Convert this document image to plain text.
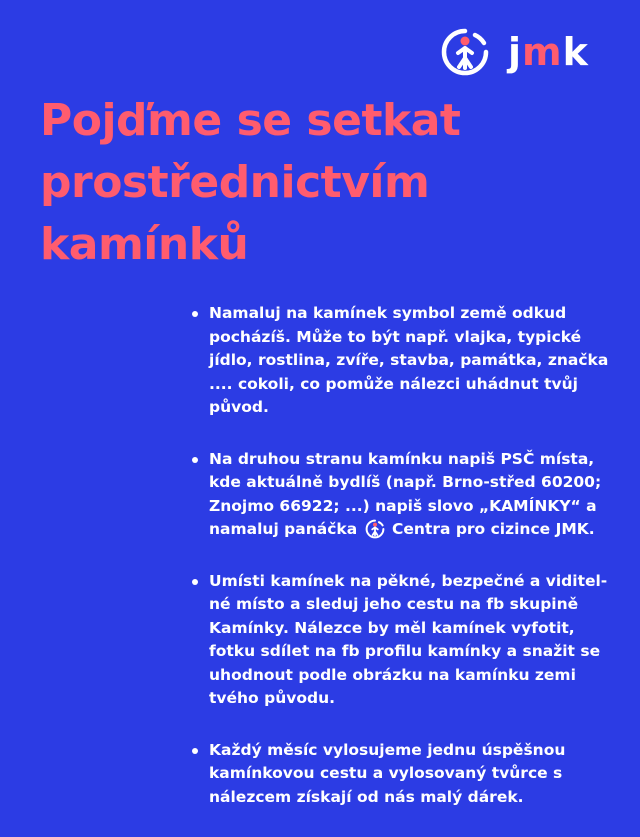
j m k
Pojďme se setkat
prostřednictvím
kamínků
Namaluj na kamínek symbol země odkud
pocházíš. Může to být např. vlajka, typické
jídlo, rostlina, zvíře, stavba, památka, značka
.... cokoli, co pomůže nálezci uhádnut tvůj
původ.
Na druhou stranu kamínku napiš PSČ místa,
kde aktuálně bydlíš (např. Brno-střed 60200;
Znojmo 66922; ...) napiš slovo „KAMÍNKY“ a
namaluj panáčka Centra pro cizince JMK.
Umísti kamínek na pěkné, bezpečné a viditel-
né místo a sleduj jeho cestu na fb skupině
Kamínky. Nálezce by měl kamínek vyfotit,
fotku sdílet na fb profilu kamínky a snažit se
uhodnout podle obrázku na kamínku zemi
tvého původu.
Každý měsíc vylosujeme jednu úspěšnou
kamínkovou cestu a vylosovaný tvůrce s
nálezcem získají od nás malý dárek.
